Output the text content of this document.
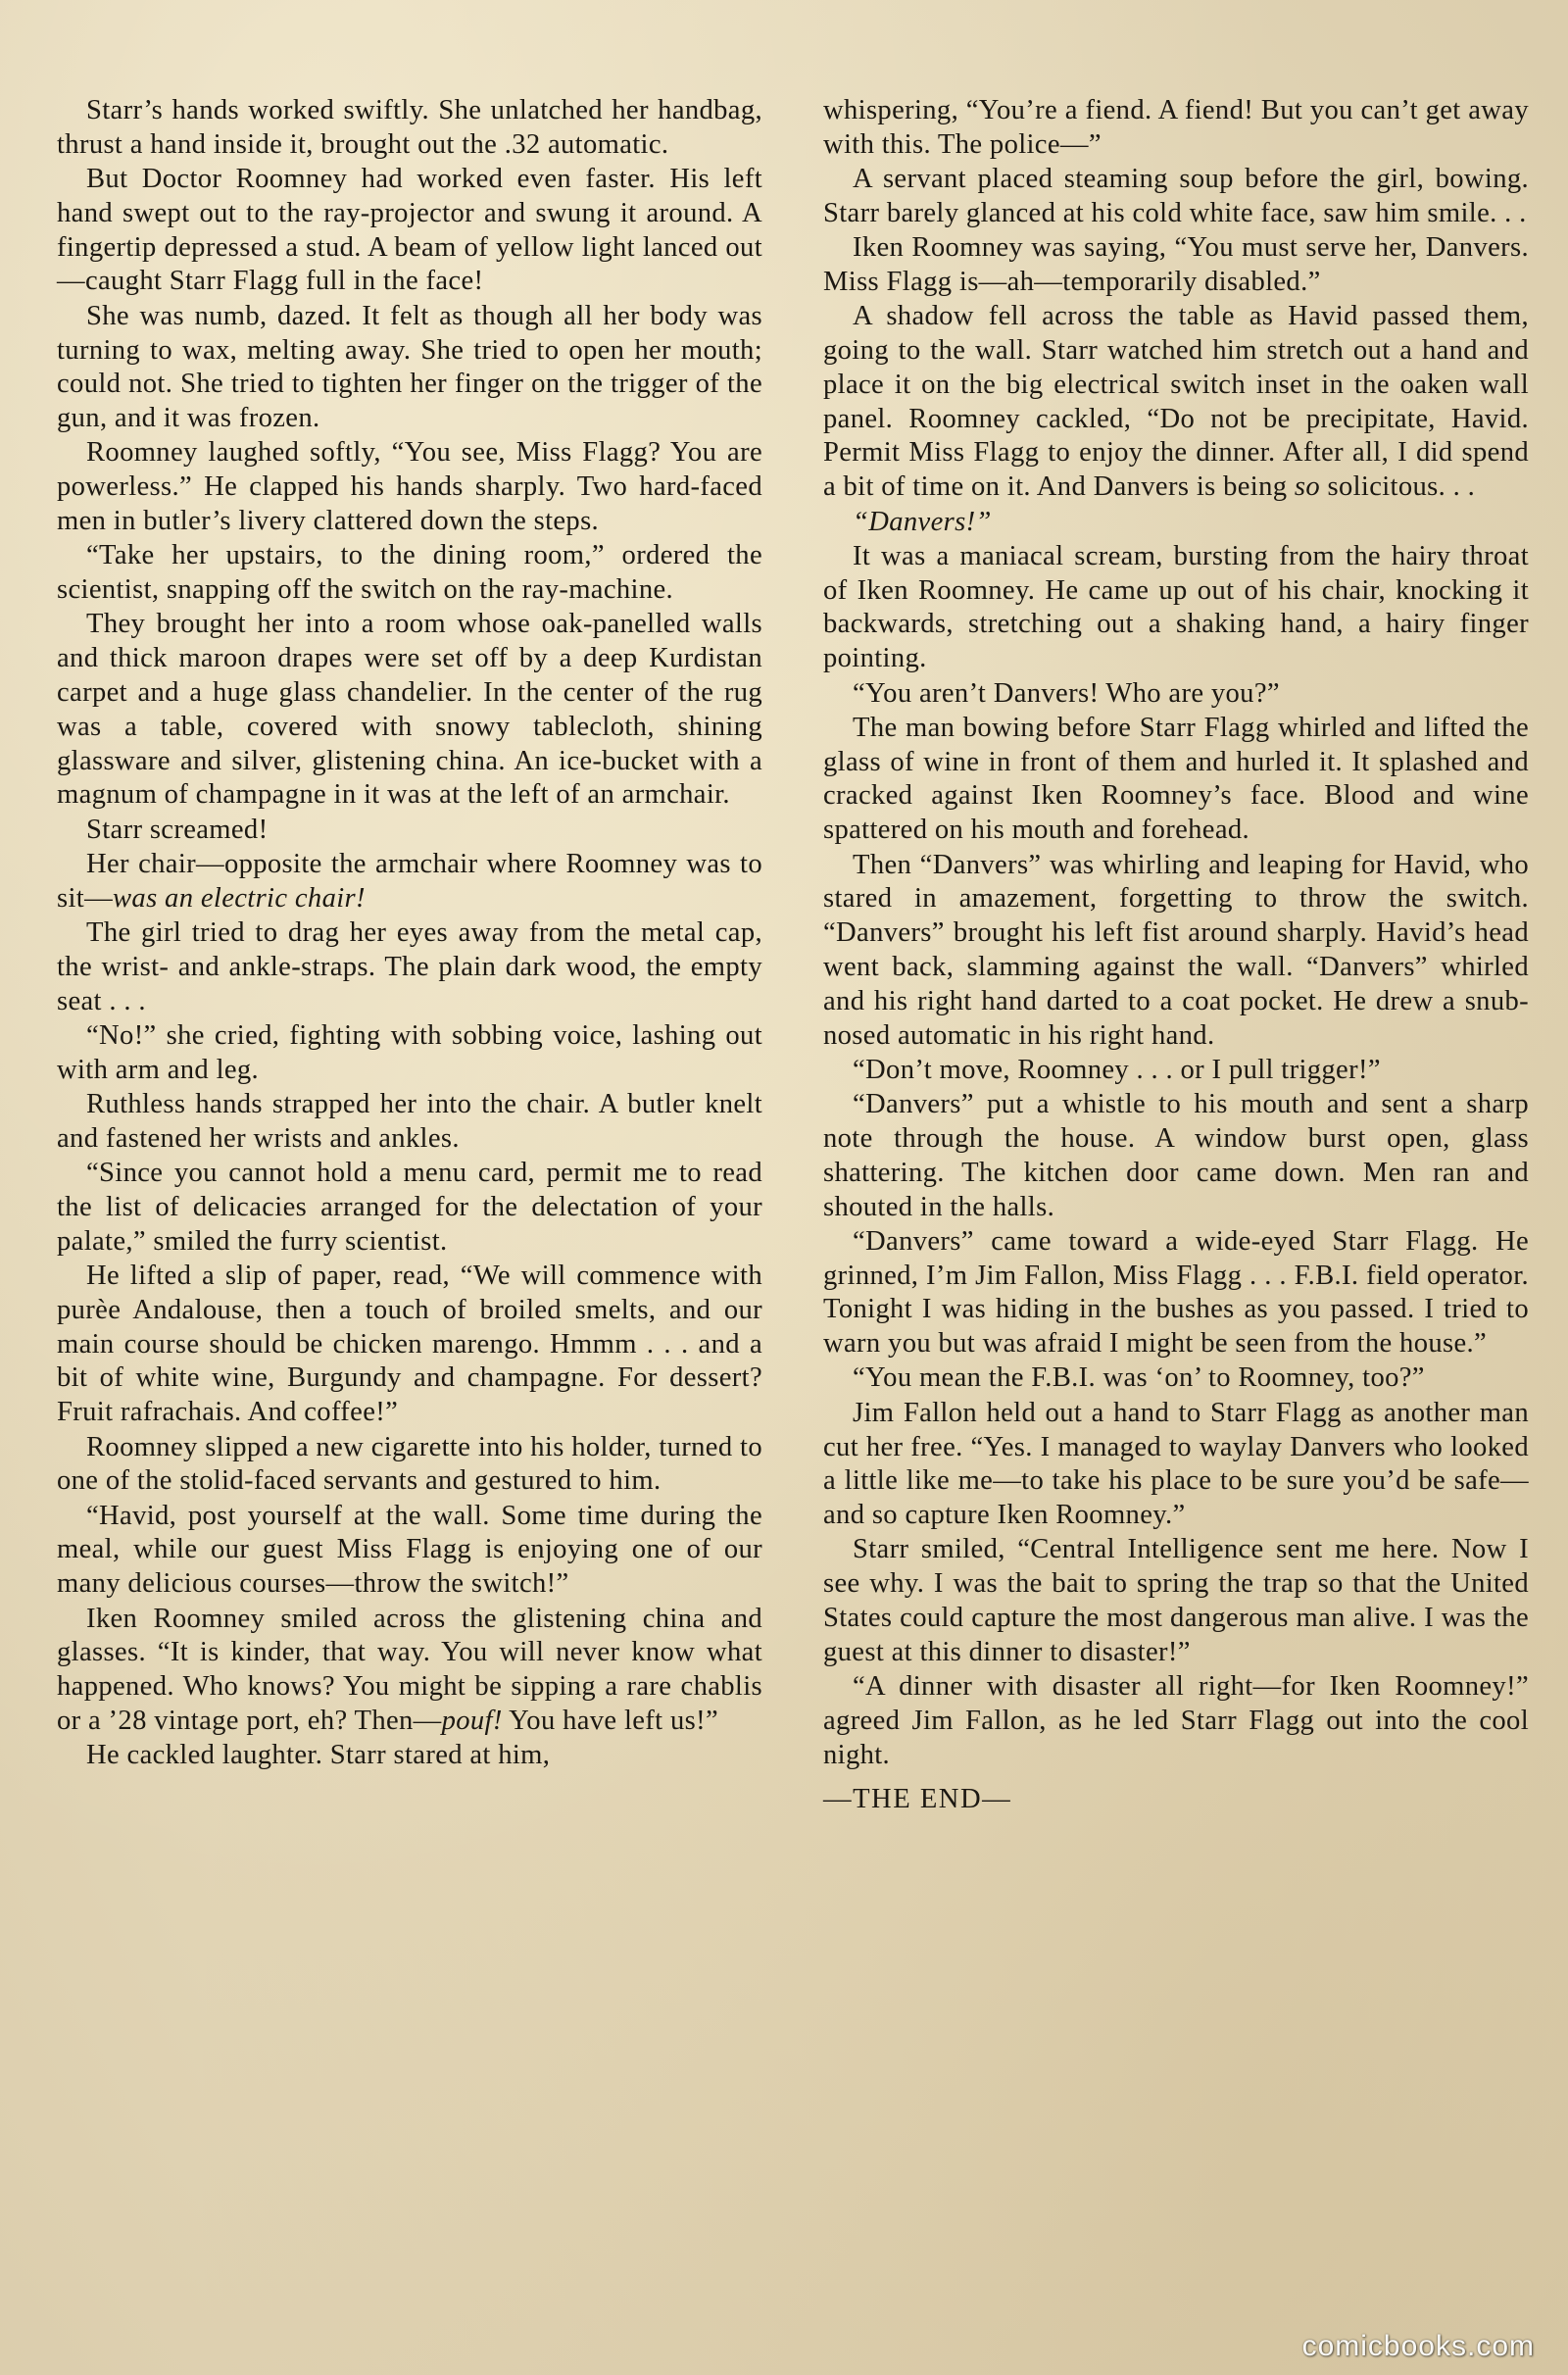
Starr’s hands worked swiftly. She unlatched her handbag, thrust a hand inside it, brought out the .32 automatic.

But Doctor Roomney had worked even faster. His left hand swept out to the ray-projector and swung it around. A fingertip depressed a stud. A beam of yellow light lanced out—caught Starr Flagg full in the face!

She was numb, dazed. It felt as though all her body was turning to wax, melting away. She tried to open her mouth; could not. She tried to tighten her finger on the trigger of the gun, and it was frozen.

Roomney laughed softly, “You see, Miss Flagg? You are powerless.” He clapped his hands sharply. Two hard-faced men in butler’s livery clattered down the steps.

“Take her upstairs, to the dining room,” ordered the scientist, snapping off the switch on the ray-machine.

They brought her into a room whose oak-panelled walls and thick maroon drapes were set off by a deep Kurdistan carpet and a huge glass chandelier. In the center of the rug was a table, covered with snowy tablecloth, shining glassware and silver, glistening china. An ice-bucket with a magnum of champagne in it was at the left of an armchair.

Starr screamed!

Her chair—opposite the armchair where Roomney was to sit—was an electric chair!

The girl tried to drag her eyes away from the metal cap, the wrist- and ankle-straps. The plain dark wood, the empty seat . . .

“No!” she cried, fighting with sobbing voice, lashing out with arm and leg.

Ruthless hands strapped her into the chair. A butler knelt and fastened her wrists and ankles.

“Since you cannot hold a menu card, permit me to read the list of delicacies arranged for the delectation of your palate,” smiled the furry scientist.

He lifted a slip of paper, read, “We will commence with purèe Andalouse, then a touch of broiled smelts, and our main course should be chicken marengo. Hmmm . . . and a bit of white wine, Burgundy and champagne. For dessert? Fruit rafrachais. And coffee!”

Roomney slipped a new cigarette into his holder, turned to one of the stolid-faced servants and gestured to him.

“Havid, post yourself at the wall. Some time during the meal, while our guest Miss Flagg is enjoying one of our many delicious courses—throw the switch!”

Iken Roomney smiled across the glistening china and glasses. “It is kinder, that way. You will never know what happened. Who knows? You might be sipping a rare chablis or a ’28 vintage port, eh? Then—pouf! You have left us!”

He cackled laughter. Starr stared at him,

whispering, “You’re a fiend. A fiend! But you can’t get away with this. The police—”

A servant placed steaming soup before the girl, bowing. Starr barely glanced at his cold white face, saw him smile. . .

Iken Roomney was saying, “You must serve her, Danvers. Miss Flagg is—ah—temporarily disabled.”

A shadow fell across the table as Havid passed them, going to the wall. Starr watched him stretch out a hand and place it on the big electrical switch inset in the oaken wall panel. Roomney cackled, “Do not be precipitate, Havid. Permit Miss Flagg to enjoy the dinner. After all, I did spend a bit of time on it. And Danvers is being so solicitous. . .

“Danvers!”

It was a maniacal scream, bursting from the hairy throat of Iken Roomney. He came up out of his chair, knocking it backwards, stretching out a shaking hand, a hairy finger pointing.

“You aren’t Danvers! Who are you?”

The man bowing before Starr Flagg whirled and lifted the glass of wine in front of them and hurled it. It splashed and cracked against Iken Roomney’s face. Blood and wine spattered on his mouth and forehead.

Then “Danvers” was whirling and leaping for Havid, who stared in amazement, forgetting to throw the switch. “Danvers” brought his left fist around sharply. Havid’s head went back, slamming against the wall. “Danvers” whirled and his right hand darted to a coat pocket. He drew a snub-nosed automatic in his right hand.

“Don’t move, Roomney . . . or I pull trigger!”

“Danvers” put a whistle to his mouth and sent a sharp note through the house. A window burst open, glass shattering. The kitchen door came down. Men ran and shouted in the halls.

“Danvers” came toward a wide-eyed Starr Flagg. He grinned, I’m Jim Fallon, Miss Flagg . . . F.B.I. field operator. Tonight I was hiding in the bushes as you passed. I tried to warn you but was afraid I might be seen from the house.”

“You mean the F.B.I. was ‘on’ to Roomney, too?”

Jim Fallon held out a hand to Starr Flagg as another man cut her free. “Yes. I managed to waylay Danvers who looked a little like me—to take his place to be sure you’d be safe—and so capture Iken Roomney.”

Starr smiled, “Central Intelligence sent me here. Now I see why. I was the bait to spring the trap so that the United States could capture the most dangerous man alive. I was the guest at this dinner to disaster!”

“A dinner with disaster all right—for Iken Roomney!” agreed Jim Fallon, as he led Starr Flagg out into the cool night.

—THE END—

comicbooks.com
